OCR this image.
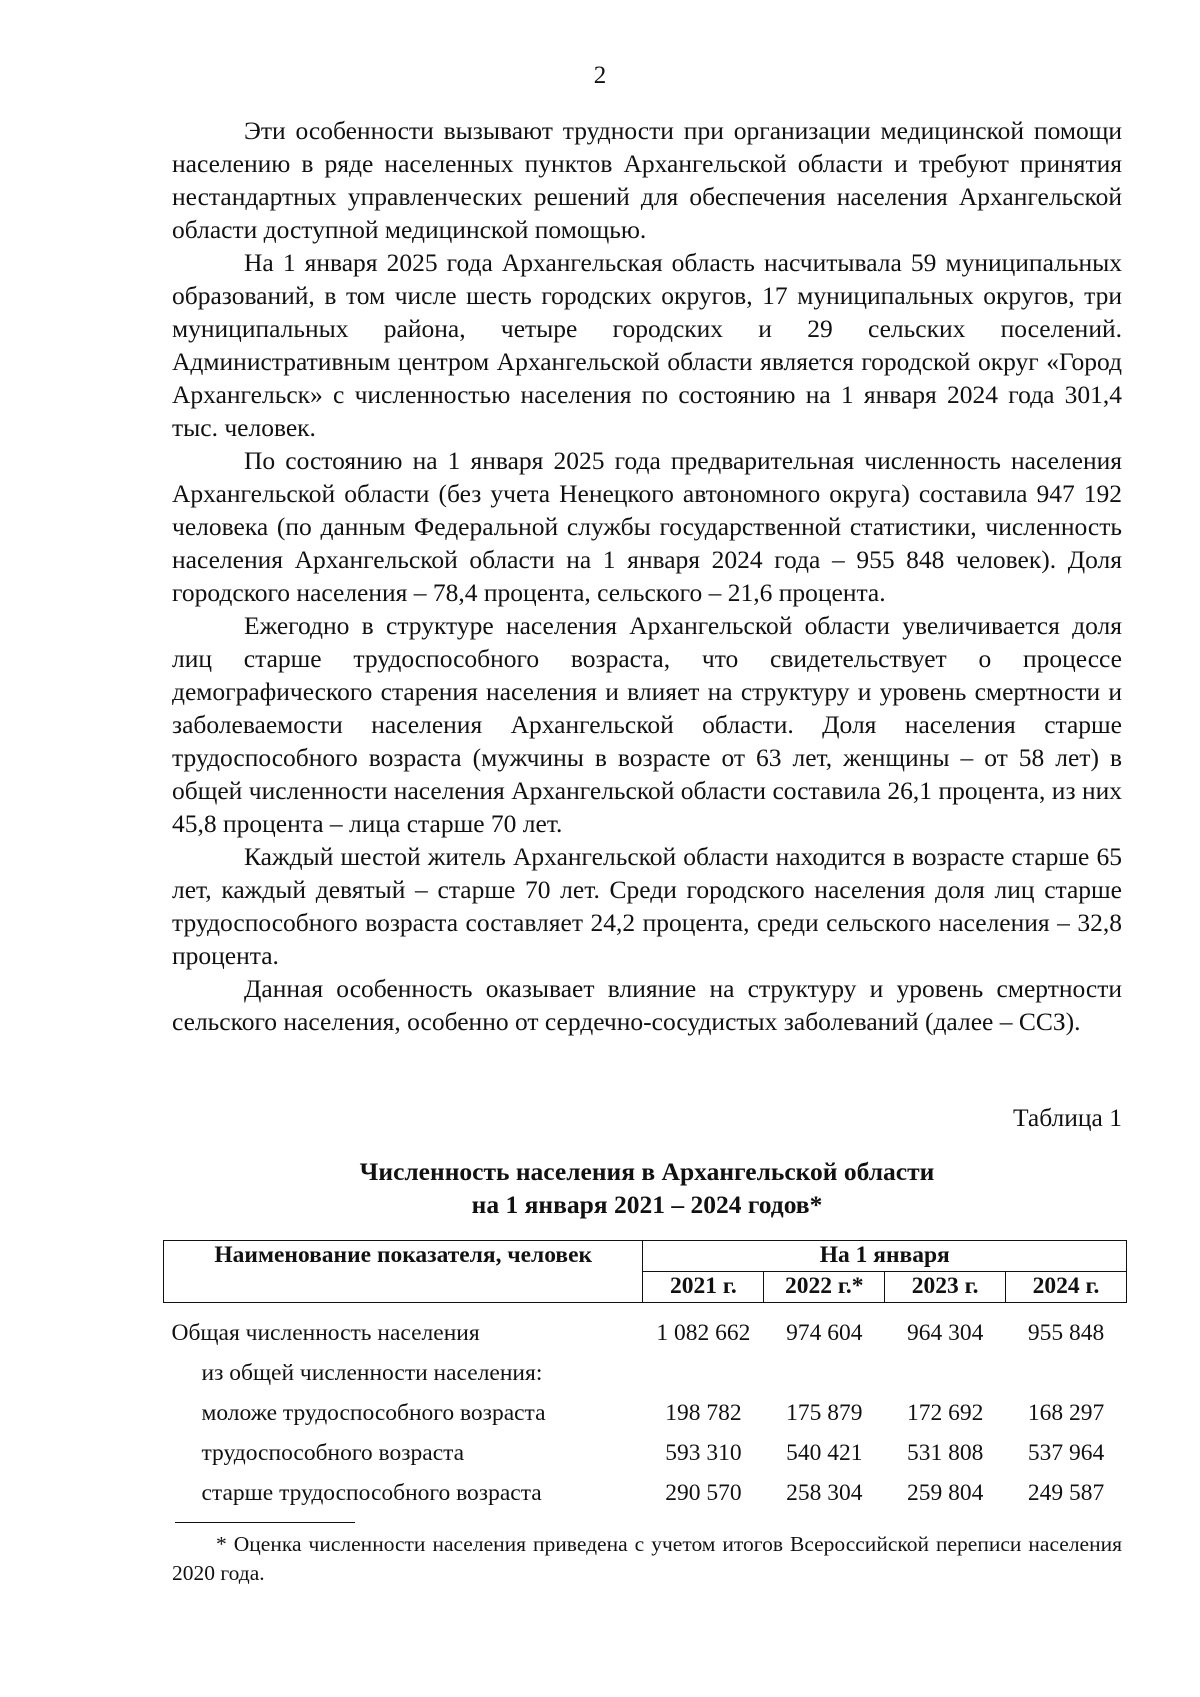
2

Эти особенности вызывают трудности при организации медицинской помощи населению в ряде населенных пунктов Архангельской области и требуют принятия нестандартных управленческих решений для обеспечения населения Архангельской области доступной медицинской помощью.

На 1 января 2025 года Архангельская область насчитывала 59 муниципальных образований, в том числе шесть городских округов, 17 муниципальных округов, три муниципальных района, четыре городских и 29 сельских поселений. Административным центром Архангельской области является городской округ «Город Архангельск» с численностью населения по состоянию на 1 января 2024 года 301,4 тыс. человек.

По состоянию на 1 января 2025 года предварительная численность населения Архангельской области (без учета Ненецкого автономного округа) составила 947 192 человека (по данным Федеральной службы государственной статистики, численность населения Архангельской области на 1 января 2024 года – 955 848 человек). Доля городского населения – 78,4 процента, сельского – 21,6 процента.

Ежегодно в структуре населения Архангельской области увеличивается доля лиц старше трудоспособного возраста, что свидетельствует о процессе демографического старения населения и влияет на структуру и уровень смертности и заболеваемости населения Архангельской области. Доля населения старше трудоспособного возраста (мужчины в возрасте от 63 лет, женщины – от 58 лет) в общей численности населения Архангельской области составила 26,1 процента, из них 45,8 процента – лица старше 70 лет.

Каждый шестой житель Архангельской области находится в возрасте старше 65 лет, каждый девятый – старше 70 лет. Среди городского населения доля лиц старше трудоспособного возраста составляет 24,2 процента, среди сельского населения – 32,8 процента.

Данная особенность оказывает влияние на структуру и уровень смертности сельского населения, особенно от сердечно-сосудистых заболеваний (далее – ССЗ).

Таблица 1
Численность населения в Архангельской области
на 1 января 2021 – 2024 годов*
Наименование показателя, человек	На 1 января			
	2021 г.	2022 г.*	2023 г.	2024 г.
Общая численность населения	1 082 662	974 604	964 304	955 848
из общей численности населения:				
моложе трудоспособного возраста	198 782	175 879	172 692	168 297
трудоспособного возраста	593 310	540 421	531 808	537 964
старше трудоспособного возраста	290 570	258 304	259 804	249 587
* Оценка численности населения приведена с учетом итогов Всероссийской переписи населения 2020 года.
